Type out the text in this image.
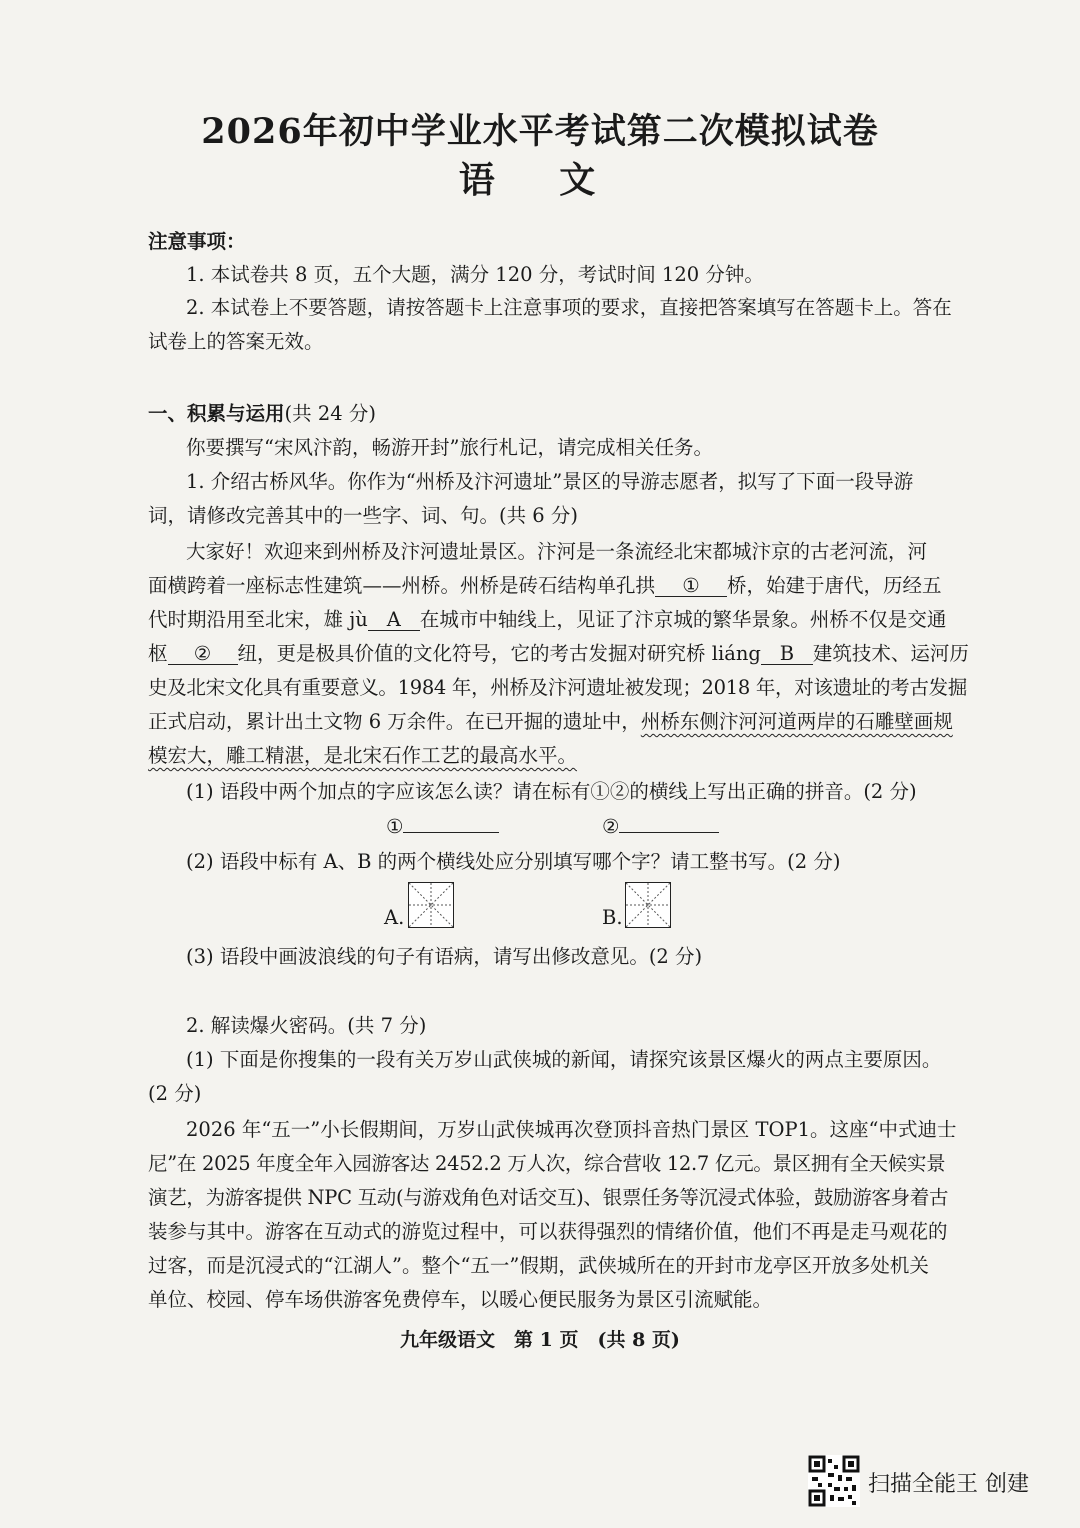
2026年初中学业水平考试第二次模拟试卷
语 文
注意事项：
1. 本试卷共 8 页，五个大题，满分 120 分，考试时间 120 分钟。
2. 本试卷上不要答题，请按答题卡上注意事项的要求，直接把答案填写在答题卡上。答在
试卷上的答案无效。
一、积累与运用(共 24 分)
你要撰写“宋风汴韵，畅游开封”旅行札记，请完成相关任务。
1. 介绍古桥风华。你作为“州桥及汴河遗址”景区的导游志愿者，拟写了下面一段导游
词，请修改完善其中的一些字、词、句。(共 6 分)
大家好！欢迎来到州桥及汴河遗址景区。汴河是一条流经北宋都城汴京的古老河流，河
面横跨着一座标志性建筑——州桥。州桥是砖石结构单孔拱 ① 桥，始建于唐代，历经五
代时期沿用至北宋，雄 jù A 在城市中轴线上，见证了汴京城的繁华景象。州桥不仅是交通
枢 ② 纽，更是极具价值的文化符号，它的考古发掘对研究桥 liáng B 建筑技术、运河历
史及北宋文化具有重要意义。1984 年，州桥及汴河遗址被发现；2018 年，对该遗址的考古发掘
正式启动，累计出土文物 6 万余件。在已开掘的遗址中，州桥东侧汴河河道两岸的石雕壁画规
模宏大，雕工精湛，是北宋石作工艺的最高水平。
(1) 语段中两个加点的字应该怎么读？请在标有①②的横线上写出正确的拼音。(2 分)
①	②
(2) 语段中标有 A、B 的两个横线处应分别填写哪个字？请工整书写。(2 分)
A.	B.
(3) 语段中画波浪线的句子有语病，请写出修改意见。(2 分)
2. 解读爆火密码。(共 7 分)
(1) 下面是你搜集的一段有关万岁山武侠城的新闻，请探究该景区爆火的两点主要原因。
(2 分)
2026 年“五一”小长假期间，万岁山武侠城再次登顶抖音热门景区 TOP1。这座“中式迪士
尼”在 2025 年度全年入园游客达 2452.2 万人次，综合营收 12.7 亿元。景区拥有全天候实景
演艺，为游客提供 NPC 互动(与游戏角色对话交互)、银票任务等沉浸式体验，鼓励游客身着古
装参与其中。游客在互动式的游览过程中，可以获得强烈的情绪价值，他们不再是走马观花的
过客，而是沉浸式的“江湖人”。整个“五一”假期，武侠城所在的开封市龙亭区开放多处机关
单位、校园、停车场供游客免费停车，以暖心便民服务为景区引流赋能。
九年级语文　第 1 页　(共 8 页)
扫描全能王 创建
